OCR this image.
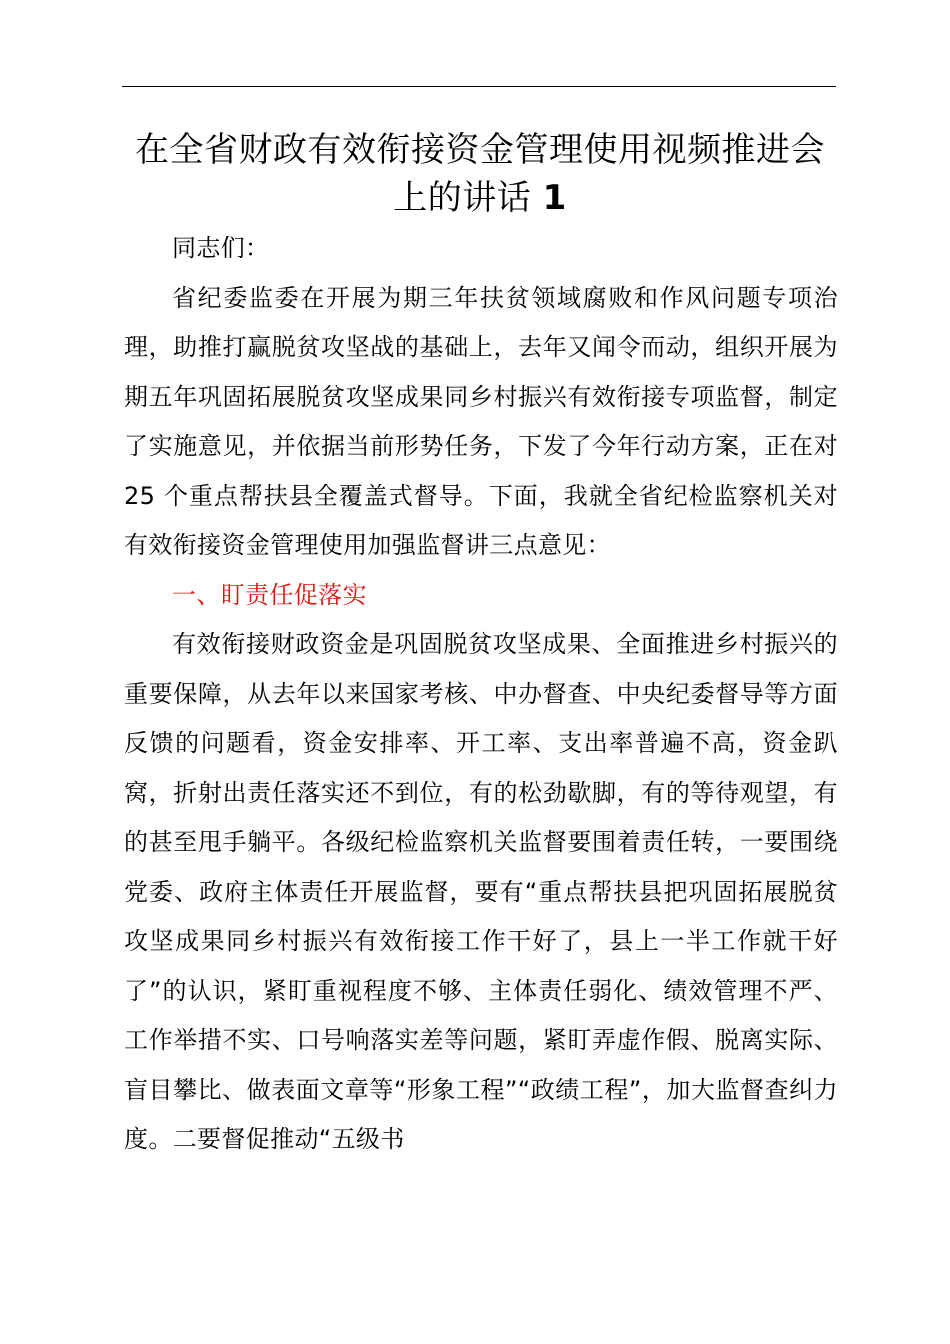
在全省财政有效衔接资金管理使用视频推进会
上的讲话 1

同志们：

省纪委监委在开展为期三年扶贫领域腐败和作风问题专项治理，助推打赢脱贫攻坚战的基础上，去年又闻令而动，组织开展为期五年巩固拓展脱贫攻坚成果同乡村振兴有效衔接专项监督，制定了实施意见，并依据当前形势任务，下发了今年行动方案，正在对 25 个重点帮扶县全覆盖式督导。下面，我就全省纪检监察机关对有效衔接资金管理使用加强监督讲三点意见：

一、盯责任促落实

有效衔接财政资金是巩固脱贫攻坚成果、全面推进乡村振兴的重要保障，从去年以来国家考核、中办督查、中央纪委督导等方面反馈的问题看，资金安排率、开工率、支出率普遍不高，资金趴窝，折射出责任落实还不到位，有的松劲歇脚，有的等待观望，有的甚至甩手躺平。各级纪检监察机关监督要围着责任转，一要围绕党委、政府主体责任开展监督，要有“重点帮扶县把巩固拓展脱贫攻坚成果同乡村振兴有效衔接工作干好了，县上一半工作就干好了”的认识，紧盯重视程度不够、主体责任弱化、绩效管理不严、工作举措不实、口号响落实差等问题，紧盯弄虚作假、脱离实际、盲目攀比、做表面文章等“形象工程”“政绩工程”，加大监督查纠力度。二要督促推动“五级书
